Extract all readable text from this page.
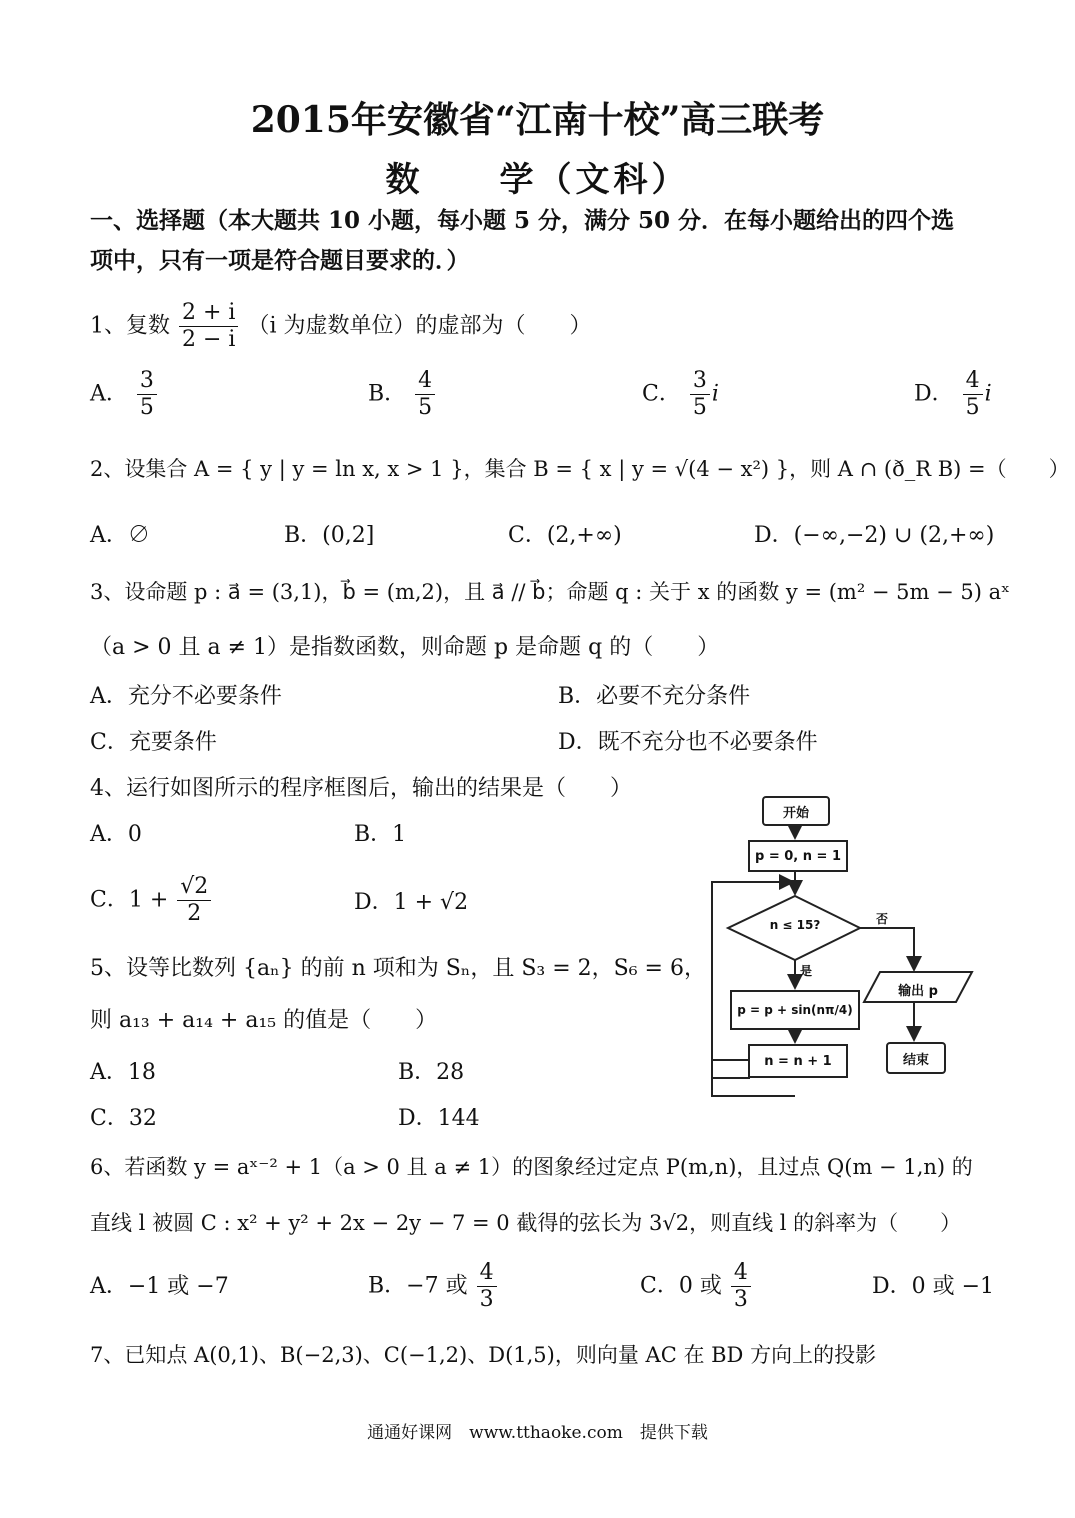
2015年安徽省“江南十校”高三联考
数　　学（文科）
一、选择题（本大题共 10 小题，每小题 5 分，满分 50 分．在每小题给出的四个选
项中，只有一项是符合题目要求的．）
1、复数 $\frac{2 + i}{2 - i} (i$ 为虚数单位）的虚部为（　　）
A． $\frac{3}{5}$	B． $\frac{4}{5}$	C． $\frac{3}{5}$ i	D． $\frac{4}{5}$ i
2、设集合 A = { y | y = ln x, x > 1 }，集合 B = { x | y = √(4 − x²) }，则 A ∩ (ð_R B) =（　　）
A．∅	B．(0,2]	C．(2,+∞)	D．(−∞,−2) ∪ (2,+∞)
3、设命题 p : a⃗ = (3,1)，b⃗ = (m,2)，且 a⃗ // b⃗；命题 q : 关于 x 的函数 y = (m² − 5m − 5) aˣ
（a > 0 且 a ≠ 1）是指数函数，则命题 p 是命题 q 的（　　）
A．充分不必要条件	B．必要不充分条件
C．充要条件	D．既不充分也不必要条件
4、运行如图所示的程序框图后，输出的结果是（　　）
A．0	B．1
C．$1 + \frac{√2}{2}$	D．1 + √2
开始
p = 0, n = 1
n ≤ 15?
是
否
p = p + sin(nπ/4)
n = n + 1
输出 p
结束
5、设等比数列 {aₙ} 的前 n 项和为 Sₙ，且 S₃ = 2，S₆ = 6，
则 a₁₃ + a₁₄ + a₁₅ 的值是（　　）
A．18	B．28
C．32	D．144
6、若函数 y = aˣ⁻² + 1（a > 0 且 a ≠ 1）的图象经过定点 P(m,n)，且过点 Q(m − 1,n) 的
直线 l 被圆 C : x² + y² + 2x − 2y − 7 = 0 截得的弦长为 3√2，则直线 l 的斜率为（　　）
A．−1 或 −7	B．−7 或 $\frac{4}{3}$	C．0 或 $\frac{4}{3}$	D．0 或 −1
7、已知点 A(0,1)、B(−2,3)、C(−1,2)、D(1,5)，则向量 AC 在 BD 方向上的投影
通通好课网　www.tthaoke.com　提供下载
